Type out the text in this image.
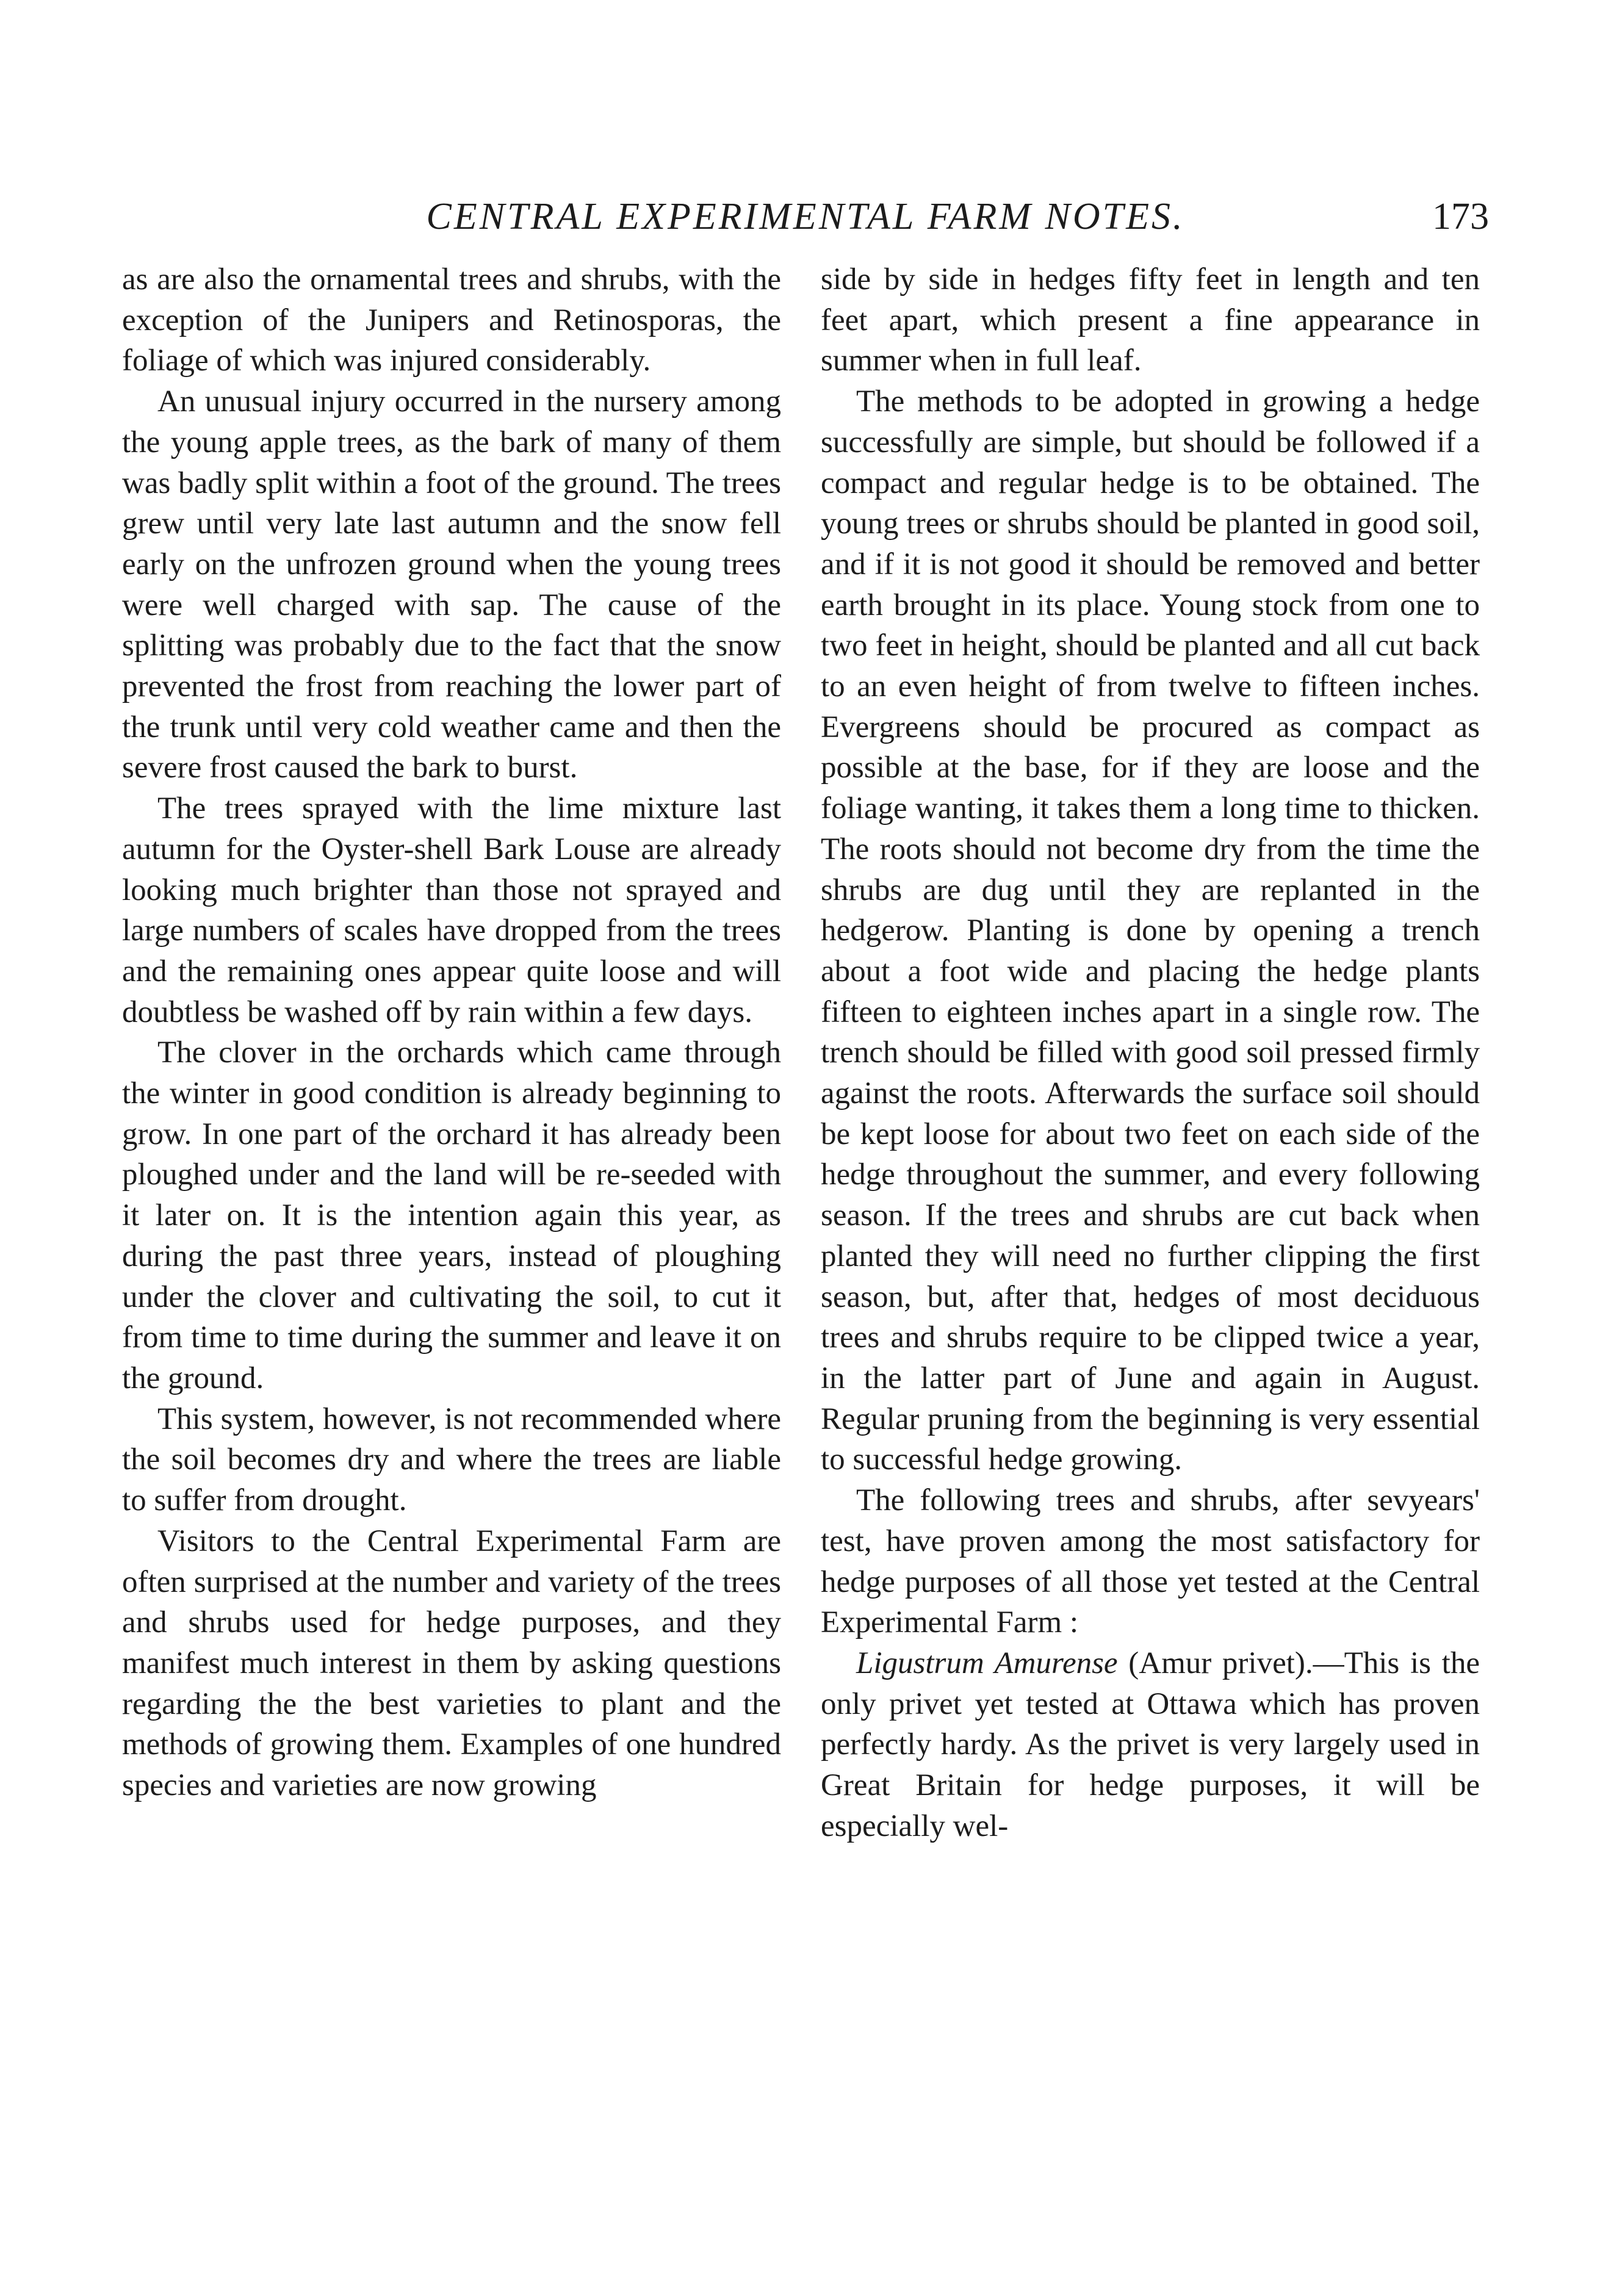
CENTRAL EXPERIMENTAL FARM NOTES.	173

as are also the ornamental trees and shrubs, with the exception of the Junipers and Retinosporas, the foliage of which was injured considerably.

An unusual injury occurred in the nursery among the young apple trees, as the bark of many of them was badly split within a foot of the ground. The trees grew until very late last autumn and the snow fell early on the unfrozen ground when the young trees were well charged with sap. The cause of the splitting was probably due to the fact that the snow prevented the frost from reaching the lower part of the trunk until very cold weather came and then the severe frost caused the bark to burst.

The trees sprayed with the lime mixture last autumn for the Oyster-shell Bark Louse are already looking much brighter than those not sprayed and large numbers of scales have dropped from the trees and the remaining ones appear quite loose and will doubtless be washed off by rain within a few days.

The clover in the orchards which came through the winter in good condition is already beginning to grow. In one part of the orchard it has already been ploughed under and the land will be re-seeded with it later on. It is the intention again this year, as during the past three years, instead of ploughing under the clover and cultivating the soil, to cut it from time to time during the summer and leave it on the ground.

This system, however, is not recommended where the soil becomes dry and where the trees are liable to suffer from drought.

Visitors to the Central Experimental Farm are often surprised at the number and variety of the trees and shrubs used for hedge purposes, and they manifest much interest in them by asking questions regarding the the best varieties to plant and the methods of growing them. Examples of one hundred species and varieties are now growing

side by side in hedges fifty feet in length and ten feet apart, which present a fine appearance in summer when in full leaf.

The methods to be adopted in growing a hedge successfully are simple, but should be followed if a compact and regular hedge is to be obtained. The young trees or shrubs should be planted in good soil, and if it is not good it should be removed and better earth brought in its place. Young stock from one to two feet in height, should be planted and all cut back to an even height of from twelve to fifteen inches. Evergreens should be procured as compact as possible at the base, for if they are loose and the foliage wanting, it takes them a long time to thicken. The roots should not become dry from the time the shrubs are dug until they are replanted in the hedgerow. Planting is done by opening a trench about a foot wide and placing the hedge plants fifteen to eighteen inches apart in a single row. The trench should be filled with good soil pressed firmly against the roots. Afterwards the surface soil should be kept loose for about two feet on each side of the hedge throughout the summer, and every following season. If the trees and shrubs are cut back when planted they will need no further clipping the first season, but, after that, hedges of most deciduous trees and shrubs require to be clipped twice a year, in the latter part of June and again in August. Regular pruning from the beginning is very essential to successful hedge growing.

The following trees and shrubs, after sevyears' test, have proven among the most satisfactory for hedge purposes of all those yet tested at the Central Experimental Farm :

Ligustrum Amurense (Amur privet).—This is the only privet yet tested at Ottawa which has proven perfectly hardy. As the privet is very largely used in Great Britain for hedge purposes, it will be especially wel-
